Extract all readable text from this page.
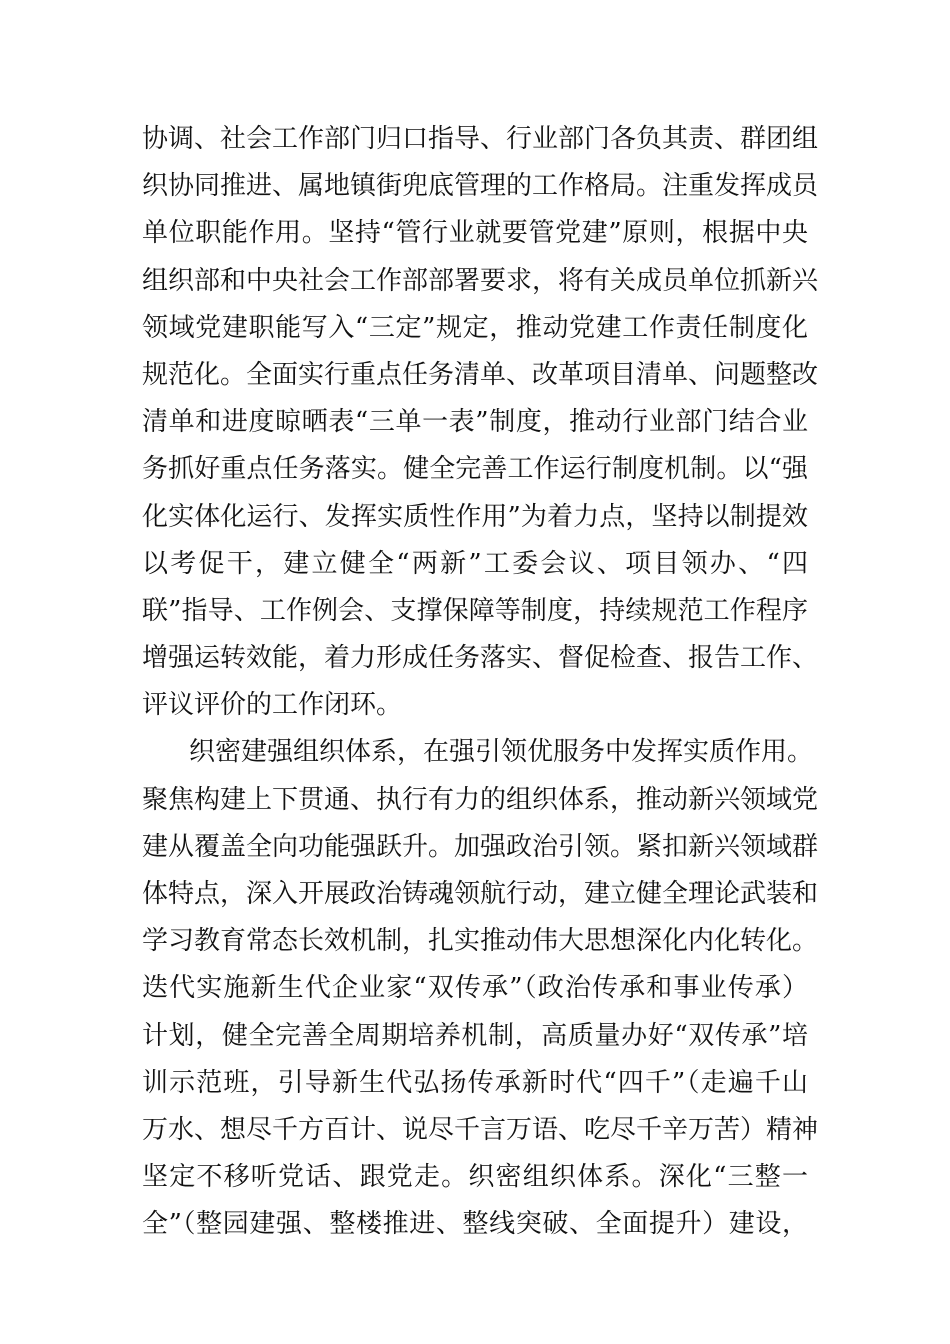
协调、社会工作部门归口指导、行业部门各负其责、群团组
织协同推进、属地镇街兜底管理的工作格局。注重发挥成员
单位职能作用。坚持“管行业就要管党建”原则，根据中央
组织部和中央社会工作部部署要求，将有关成员单位抓新兴
领域党建职能写入“三定”规定，推动党建工作责任制度化
规范化。全面实行重点任务清单、改革项目清单、问题整改
清单和进度晾晒表“三单一表”制度，推动行业部门结合业
务抓好重点任务落实。健全完善工作运行制度机制。以“强
化实体化运行、发挥实质性作用”为着力点，坚持以制提效
以考促干，建立健全“两新”工委会议、项目领办、“四
联”指导、工作例会、支撑保障等制度，持续规范工作程序
增强运转效能，着力形成任务落实、督促检查、报告工作、
评议评价的工作闭环。
织密建强组织体系，在强引领优服务中发挥实质作用。
聚焦构建上下贯通、执行有力的组织体系，推动新兴领域党
建从覆盖全向功能强跃升。加强政治引领。紧扣新兴领域群
体特点，深入开展政治铸魂领航行动，建立健全理论武装和
学习教育常态长效机制，扎实推动伟大思想深化内化转化。
迭代实施新生代企业家“双传承”（政治传承和事业传承）
计划，健全完善全周期培养机制，高质量办好“双传承”培
训示范班，引导新生代弘扬传承新时代“四千”（走遍千山
万水、想尽千方百计、说尽千言万语、吃尽千辛万苦）精神
坚定不移听党话、跟党走。织密组织体系。深化“三整一
全”（整园建强、整楼推进、整线突破、全面提升）建设，
